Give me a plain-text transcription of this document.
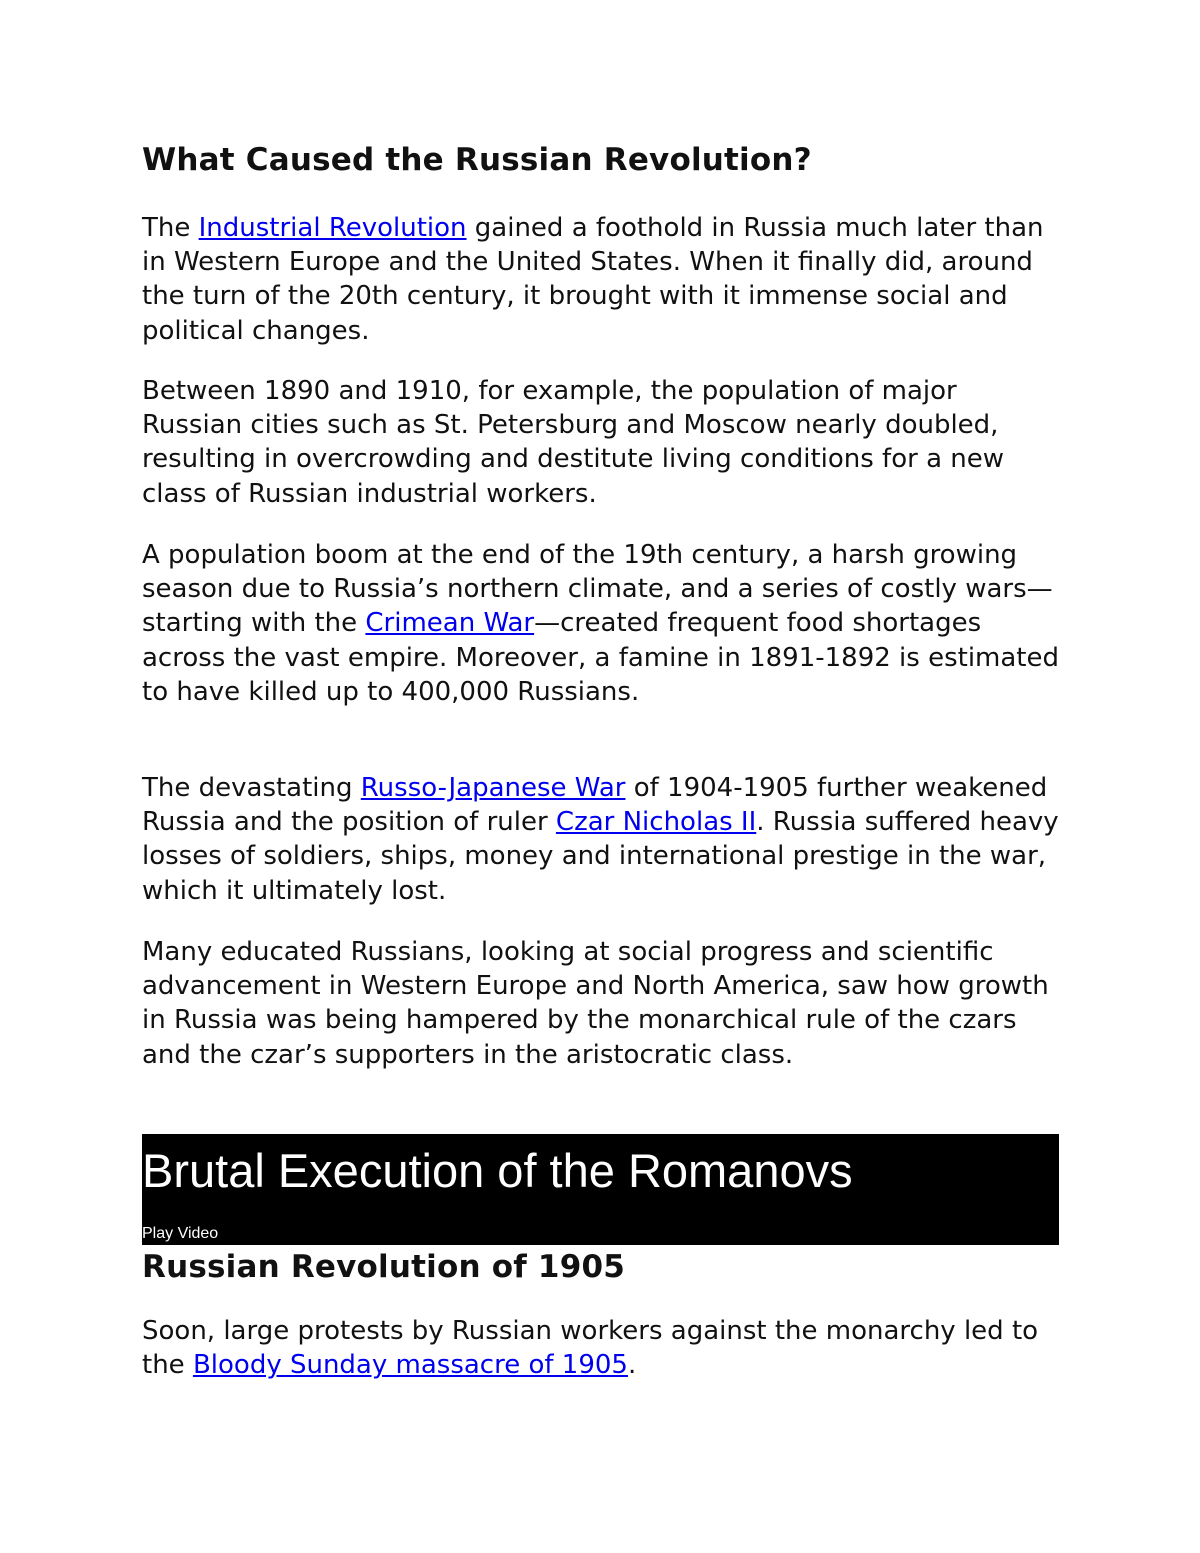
What Caused the Russian Revolution?

The Industrial Revolution gained a foothold in Russia much later than in Western Europe and the United States. When it finally did, around the turn of the 20th century, it brought with it immense social and political changes.

Between 1890 and 1910, for example, the population of major Russian cities such as St. Petersburg and Moscow nearly doubled, resulting in overcrowding and destitute living conditions for a new class of Russian industrial workers.

A population boom at the end of the 19th century, a harsh growing season due to Russia’s northern climate, and a series of costly wars—starting with the Crimean War—created frequent food shortages across the vast empire. Moreover, a famine in 1891-1892 is estimated to have killed up to 400,000 Russians.

The devastating Russo-Japanese War of 1904-1905 further weakened Russia and the position of ruler Czar Nicholas II. Russia suffered heavy losses of soldiers, ships, money and international prestige in the war, which it ultimately lost.

Many educated Russians, looking at social progress and scientific advancement in Western Europe and North America, saw how growth in Russia was being hampered by the monarchical rule of the czars and the czar’s supporters in the aristocratic class.

Brutal Execution of the Romanovs

Play Video

Russian Revolution of 1905

Soon, large protests by Russian workers against the monarchy led to the Bloody Sunday massacre of 1905.
